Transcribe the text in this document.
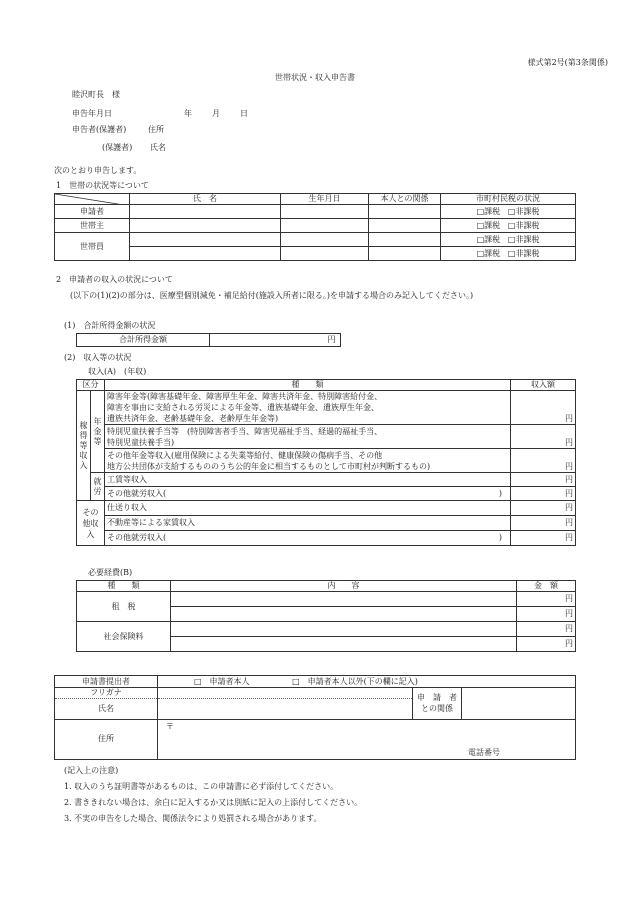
様式第2号(第3条関係)
世帯状況・収入申告書
睦沢町長　様
申告年月日	年	月	日
申告者(保護者)	住所
(保護者) 氏名
次のとおり申告します。
1　世帯の状況等について
	氏　名	生年月日	本人との関係	市町村民税の状況
申請者				□課税 □非課税
世帯主				□課税 □非課税
世帯員				□課税 □非課税
				□課税 □非課税
2　申請者の収入の状況について
(以下の(1)(2)の部分は、医療型個別減免・補足給付(施設入所者に限る。)を申請する場合のみ記入してください。)
(1)　合計所得金額の状況
合計所得金額	円
(2)　収入等の状況
収入(A)　(年収)
区分		種　　類	収入額
稼得等収入	年金等	障害年金等(障害基礎年金、障害厚生年金、障害共済年金、特別障害給付金、
障害を事由に支給される労災による年金等、遺族基礎年金、遺族厚生年金、
遺族共済年金、老齢基礎年金、老齢厚生年金等)	円

		特別児童扶養手当等　(特別障害者手当、障害児福祉手当、経過的福祉手当、
特別児童扶養手当)	円

		その他年金等収入(雇用保険による失業等給付、健康保険の傷病手当、その他
地方公共団体が支給するもののうち公的年金に相当するものとして市町村が判断するもの)	円
	就労	工賃等収入	円
		その他就労収入( )	円
その他収入		仕送り収入	円
		不動産等による家賃収入	円
		その他就労収入( )	円
必要経費(B)
種　　類	内　　容	金　額
租　税		円
		円
社会保険料		円
		円
申請書提出者	□　申請者本人 □　申請者本人以外(下の欄に記入)		
フリガナ		申　請　者
との関係	
氏名			
住所	〒
電話番号		
(記入上の注意)
1. 収入のうち証明書等があるものは、この申請書に必ず添付してください。
2. 書ききれない場合は、余白に記入するか又は別紙に記入の上添付してください。
3. 不実の申告をした場合、関係法令により処罰される場合があります。
